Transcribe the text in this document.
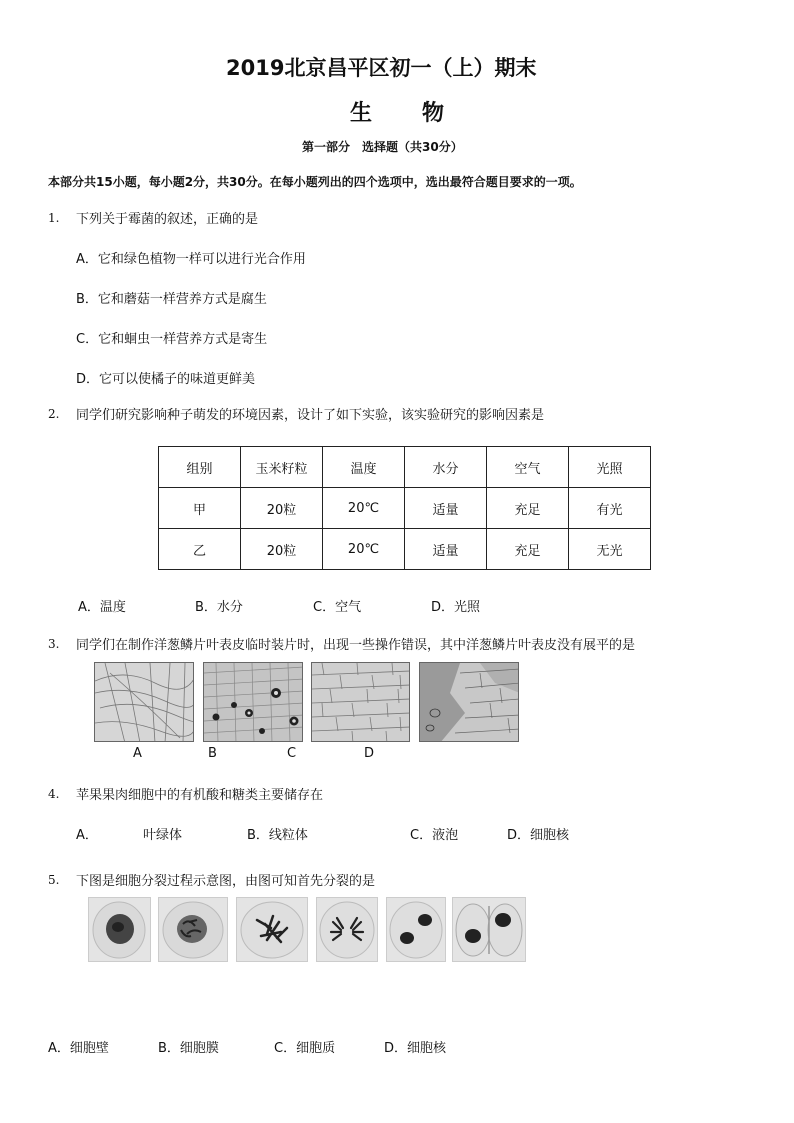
2019北京昌平区初一（上）期末
生　　物
第一部分　选择题（共30分）
本部分共15小题，每小题2分，共30分。在每小题列出的四个选项中，选出最符合题目要求的一项。
1. 下列关于霉菌的叙述，正确的是
A．它和绿色植物一样可以进行光合作用
B．它和蘑菇一样营养方式是腐生
C．它和蛔虫一样营养方式是寄生
D．它可以使橘子的味道更鲜美
2. 同学们研究影响种子萌发的环境因素，设计了如下实验，该实验研究的影响因素是
组别	玉米籽粒	温度	水分	空气	光照
甲	20粒	20℃	适量	充足	有光
乙	20粒	20℃	适量	充足	无光
A．温度	B．水分	C．空气	D．光照
3. 同学们在制作洋葱鳞片叶表皮临时装片时，出现一些操作错误，其中洋葱鳞片叶表皮没有展平的是
A	B	C	D
4. 苹果果肉细胞中的有机酸和糖类主要储存在
A．	叶绿体	B．线粒体	C．液泡	D．细胞核
5. 下图是细胞分裂过程示意图，由图可知首先分裂的是
A．细胞壁	B．细胞膜	C．细胞质	D．细胞核
